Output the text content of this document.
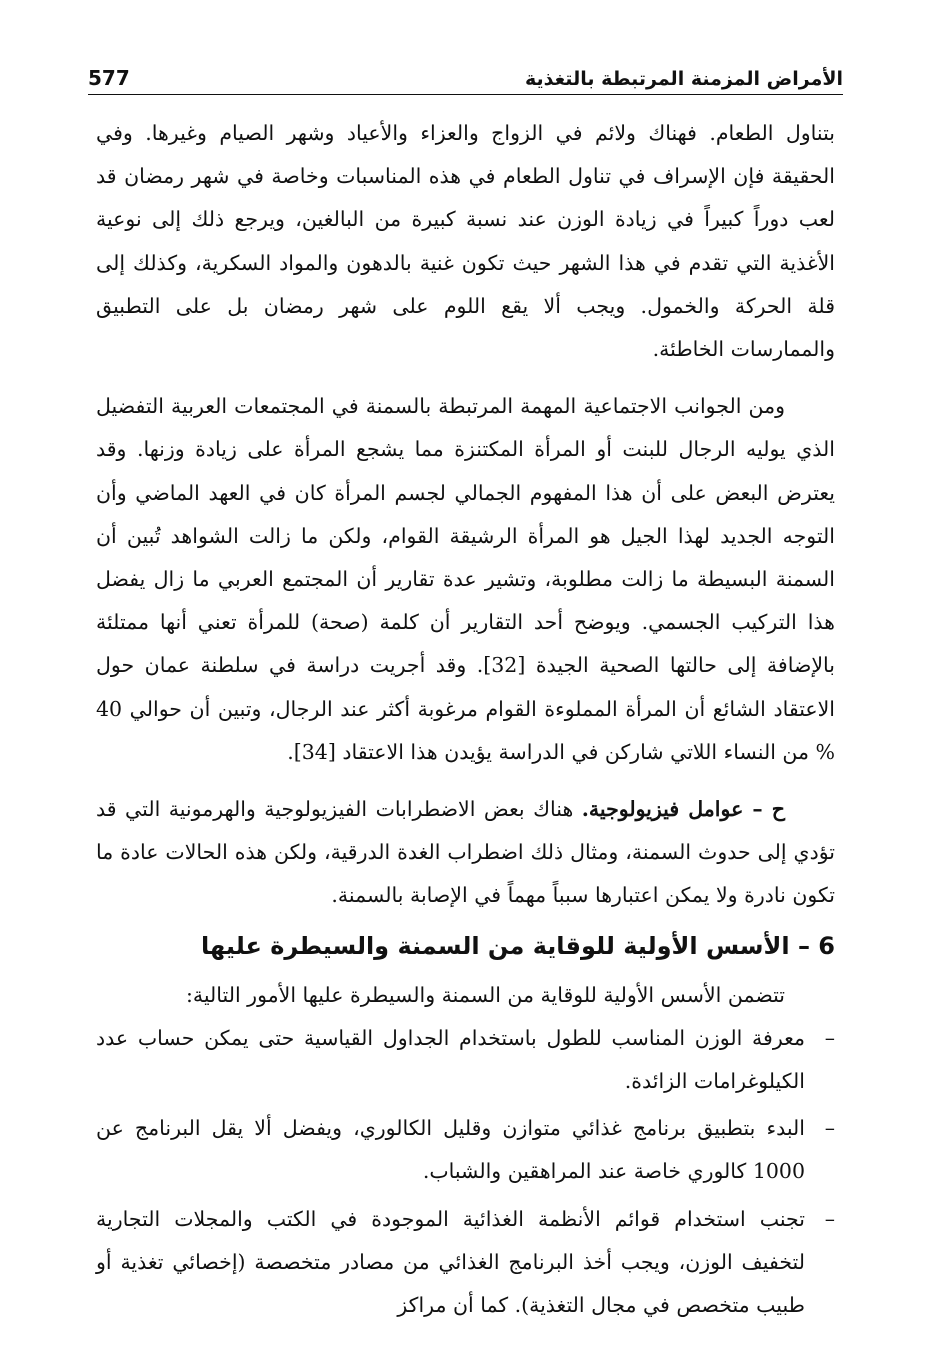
الأمراض المزمنة المرتبطة بالتغذية
577

بتناول الطعام. فهناك ولائم في الزواج والعزاء والأعياد وشهر الصيام وغيرها. وفي الحقيقة فإن الإسراف في تناول الطعام في هذه المناسبات وخاصة في شهر رمضان قد لعب دوراً كبيراً في زيادة الوزن عند نسبة كبيرة من البالغين، ويرجع ذلك إلى نوعية الأغذية التي تقدم في هذا الشهر حيث تكون غنية بالدهون والمواد السكرية، وكذلك إلى قلة الحركة والخمول. ويجب ألا يقع اللوم على شهر رمضان بل على التطبيق والممارسات الخاطئة.

ومن الجوانب الاجتماعية المهمة المرتبطة بالسمنة في المجتمعات العربية التفضيل الذي يوليه الرجال للبنت أو المرأة المكتنزة مما يشجع المرأة على زيادة وزنها. وقد يعترض البعض على أن هذا المفهوم الجمالي لجسم المرأة كان في العهد الماضي وأن التوجه الجديد لهذا الجيل هو المرأة الرشيقة القوام، ولكن ما زالت الشواهد تُبين أن السمنة البسيطة ما زالت مطلوبة، وتشير عدة تقارير أن المجتمع العربي ما زال يفضل هذا التركيب الجسمي. ويوضح أحد التقارير أن كلمة (صحة) للمرأة تعني أنها ممتلئة بالإضافة إلى حالتها الصحية الجيدة [32]. وقد أجريت دراسة في سلطنة عمان حول الاعتقاد الشائع أن المرأة المملوءة القوام مرغوبة أكثر عند الرجال، وتبين أن حوالي 40 % من النساء اللاتي شاركن في الدراسة يؤيدن هذا الاعتقاد [34].

ح – عوامل فيزيولوجية. هناك بعض الاضطرابات الفيزيولوجية والهرمونية التي قد تؤدي إلى حدوث السمنة، ومثال ذلك اضطراب الغدة الدرقية، ولكن هذه الحالات عادة ما تكون نادرة ولا يمكن اعتبارها سبباً مهماً في الإصابة بالسمنة.

6 – الأسس الأولية للوقاية من السمنة والسيطرة عليها

تتضمن الأسس الأولية للوقاية من السمنة والسيطرة عليها الأمور التالية:

–
معرفة الوزن المناسب للطول باستخدام الجداول القياسية حتى يمكن حساب عدد الكيلوغرامات الزائدة.
–
البدء بتطبيق برنامج غذائي متوازن وقليل الكالوري، ويفضل ألا يقل البرنامج عن 1000 كالوري خاصة عند المراهقين والشباب.
–
تجنب استخدام قوائم الأنظمة الغذائية الموجودة في الكتب والمجلات التجارية لتخفيف الوزن، ويجب أخذ البرنامج الغذائي من مصادر متخصصة (إخصائي تغذية أو طبيب متخصص في مجال التغذية). كما أن مراكز
